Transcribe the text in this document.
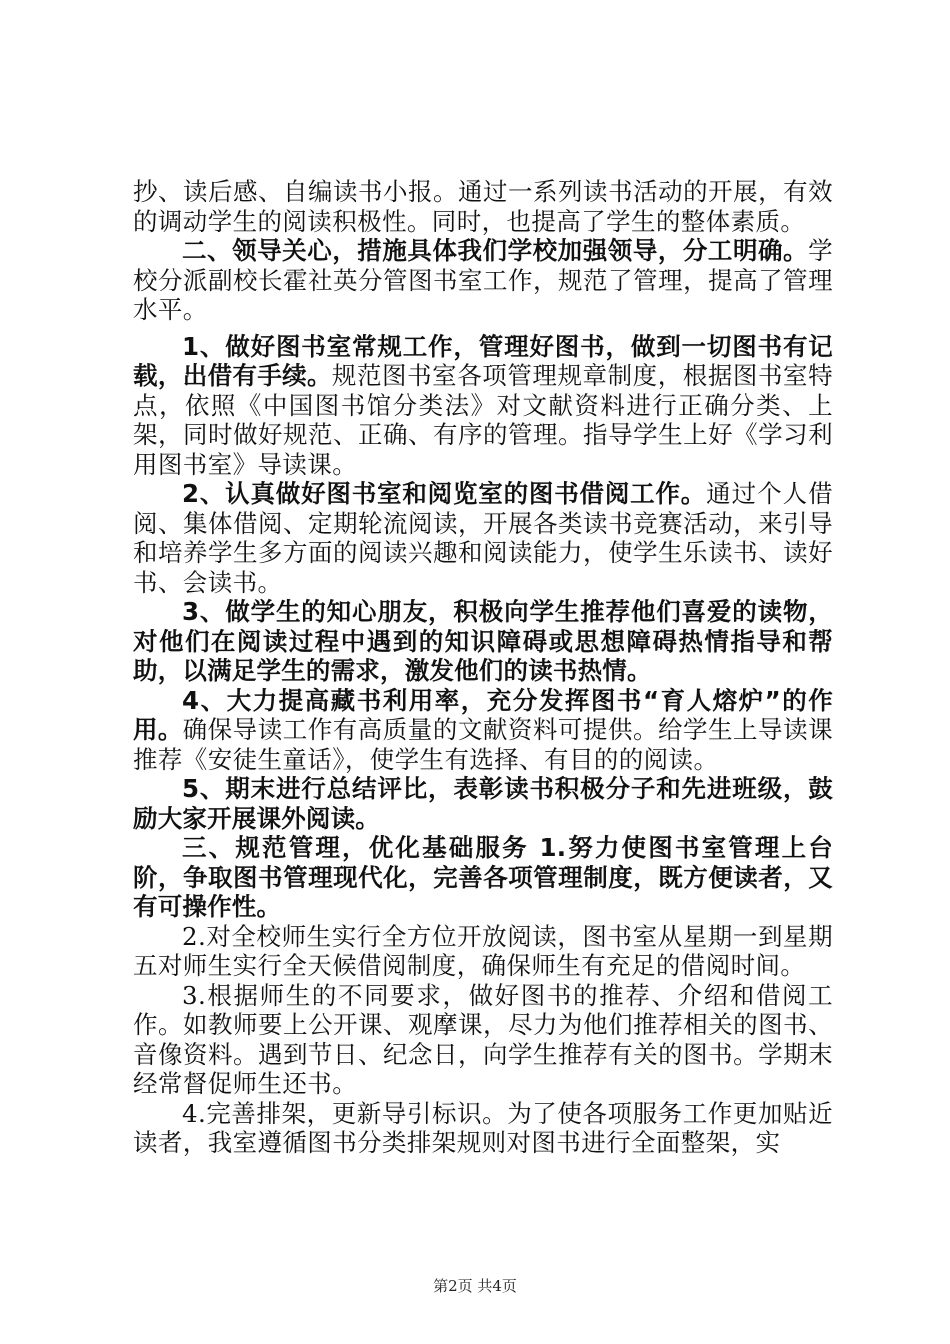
抄、读后感、自编读书小报。通过一系列读书活动的开展，有效的调动学生的阅读积极性。同时，也提高了学生的整体素质。

二、领导关心，措施具体我们学校加强领导，分工明确。学校分派副校长霍社英分管图书室工作，规范了管理，提高了管理水平。

1、做好图书室常规工作，管理好图书，做到一切图书有记载，出借有手续。规范图书室各项管理规章制度，根据图书室特点，依照《中国图书馆分类法》对文献资料进行正确分类、上架，同时做好规范、正确、有序的管理。指导学生上好《学习利用图书室》导读课。

2、认真做好图书室和阅览室的图书借阅工作。通过个人借阅、集体借阅、定期轮流阅读，开展各类读书竞赛活动，来引导和培养学生多方面的阅读兴趣和阅读能力，使学生乐读书、读好书、会读书。

3、做学生的知心朋友，积极向学生推荐他们喜爱的读物，对他们在阅读过程中遇到的知识障碍或思想障碍热情指导和帮助，以满足学生的需求，激发他们的读书热情。

4、大力提高藏书利用率，充分发挥图书“育人熔炉”的作用。确保导读工作有高质量的文献资料可提供。给学生上导读课推荐《安徒生童话》，使学生有选择、有目的的阅读。

5、期末进行总结评比，表彰读书积极分子和先进班级，鼓励大家开展课外阅读。

三、规范管理，优化基础服务 1.努力使图书室管理上台阶，争取图书管理现代化，完善各项管理制度，既方便读者，又有可操作性。

2.对全校师生实行全方位开放阅读，图书室从星期一到星期五对师生实行全天候借阅制度，确保师生有充足的借阅时间。

3.根据师生的不同要求，做好图书的推荐、介绍和借阅工作。如教师要上公开课、观摩课，尽力为他们推荐相关的图书、音像资料。遇到节日、纪念日，向学生推荐有关的图书。学期末经常督促师生还书。

4.完善排架，更新导引标识。为了使各项服务工作更加贴近读者，我室遵循图书分类排架规则对图书进行全面整架，实

第2页 共4页
